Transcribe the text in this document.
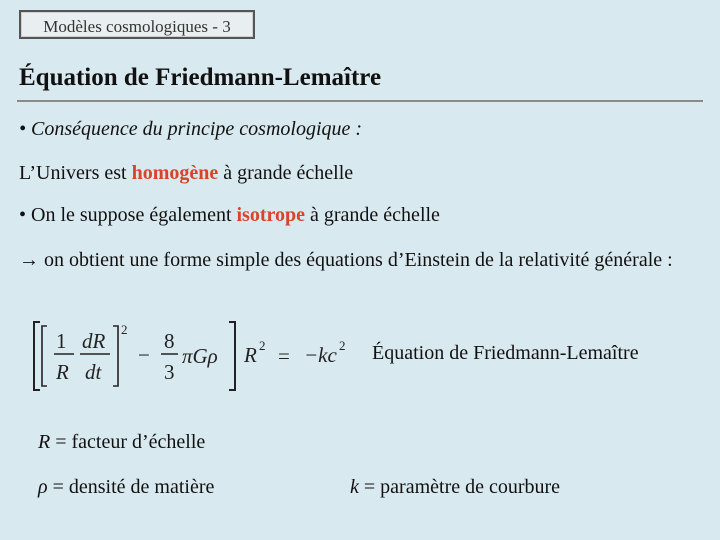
Modèles cosmologiques - 3
Équation de Friedmann-Lemaître
• Conséquence du principe cosmologique :
L’Univers est homogène à grande échelle
• On le suppose également isotrope à grande échelle
→ on obtient une forme simple des équations d’Einstein de la relativité générale :
1
R
dR
dt
2
−
8
3
πGρ R 2 = −kc 2 Équation de Friedmann-Lemaître
R = facteur d’échelle
ρ = densité de matière	k = paramètre de courbure
